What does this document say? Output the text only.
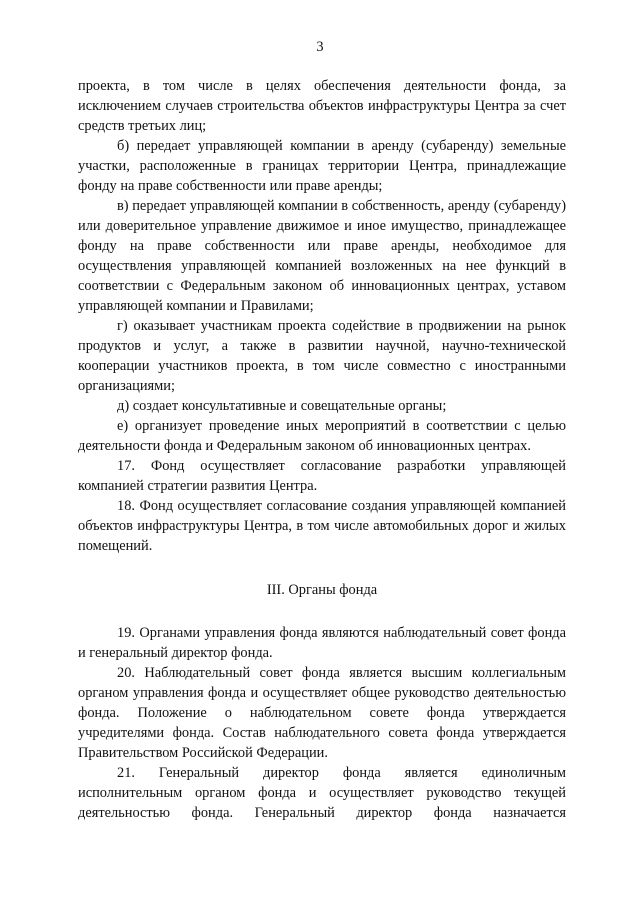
3

проекта, в том числе в целях обеспечения деятельности фонда, за исключением случаев строительства объектов инфраструктуры Центра за счет средств третьих лиц;

б) передает управляющей компании в аренду (субаренду) земельные участки, расположенные в границах территории Центра, принадлежащие фонду на праве собственности или праве аренды;

в) передает управляющей компании в собственность, аренду (субаренду) или доверительное управление движимое и иное имущество, принадлежащее фонду на праве собственности или праве аренды, необходимое для осуществления управляющей компанией возложенных на нее функций в соответствии с Федеральным законом об инновационных центрах, уставом управляющей компании и Правилами;

г) оказывает участникам проекта содействие в продвижении на рынок продуктов и услуг, а также в развитии научной, научно-технической кооперации участников проекта, в том числе совместно с иностранными организациями;

д) создает консультативные и совещательные органы;

е) организует проведение иных мероприятий в соответствии с целью деятельности фонда и Федеральным законом об инновационных центрах.

17. Фонд осуществляет согласование разработки управляющей компанией стратегии развития Центра.

18. Фонд осуществляет согласование создания управляющей компанией объектов инфраструктуры Центра, в том числе автомобильных дорог и жилых помещений.

III. Органы фонда

19. Органами управления фонда являются наблюдательный совет фонда и генеральный директор фонда.

20. Наблюдательный совет фонда является высшим коллегиальным органом управления фонда и осуществляет общее руководство деятельностью фонда. Положение о наблюдательном совете фонда утверждается учредителями фонда. Состав наблюдательного совета фонда утверждается Правительством Российской Федерации.

21. Генеральный директор фонда является единоличным исполнительным органом фонда и осуществляет руководство текущей деятельностью фонда. Генеральный директор фонда назначается
